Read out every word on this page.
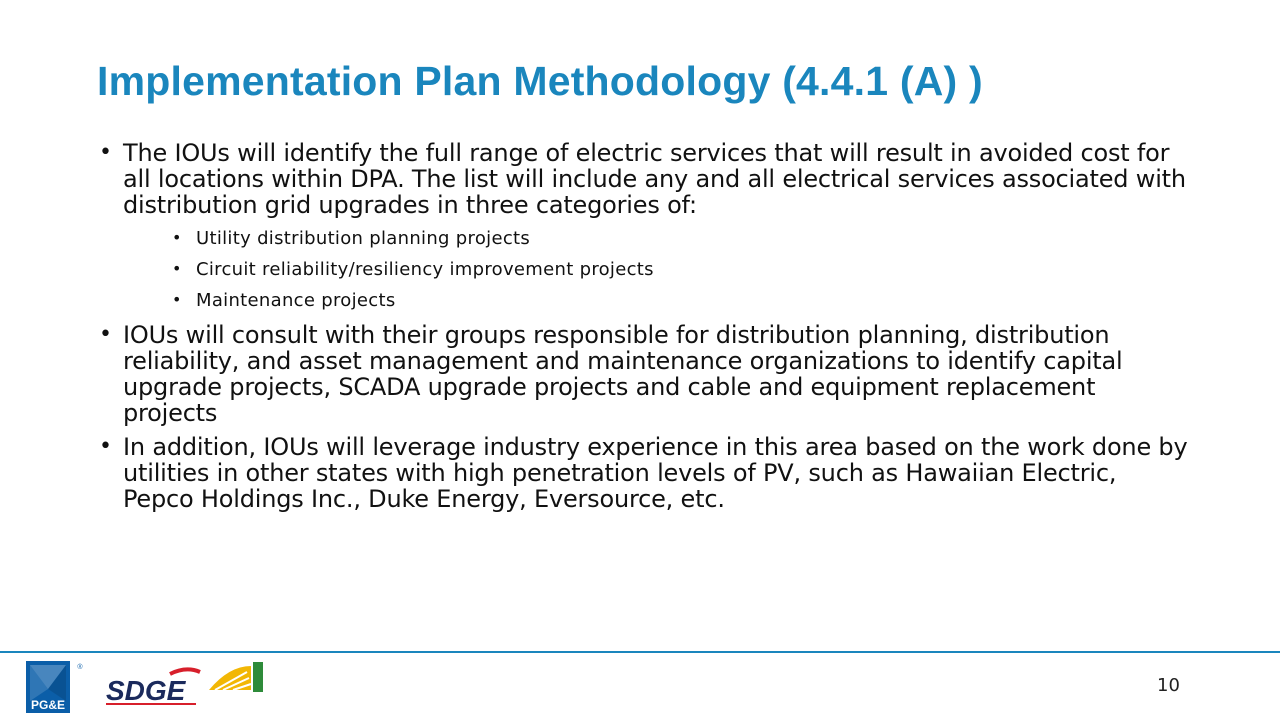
Implementation Plan Methodology (4.4.1 (A) )
• The IOUs will identify the full range of electric services that will result in avoided cost for all locations within DPA. The list will include any and all electrical services associated with distribution grid upgrades in three categories of:
• Utility distribution planning projects
• Circuit reliability/resiliency improvement projects
• Maintenance projects
• IOUs will consult with their groups responsible for distribution planning, distribution reliability, and asset management and maintenance organizations to identify capital upgrade projects, SCADA upgrade projects and cable and equipment replacement projects
• In addition, IOUs will leverage industry experience in this area based on the work done by utilities in other states with high penetration levels of PV, such as Hawaiian Electric, Pepco Holdings Inc., Duke Energy, Eversource, etc.
PG&E
®
SDGE	10
